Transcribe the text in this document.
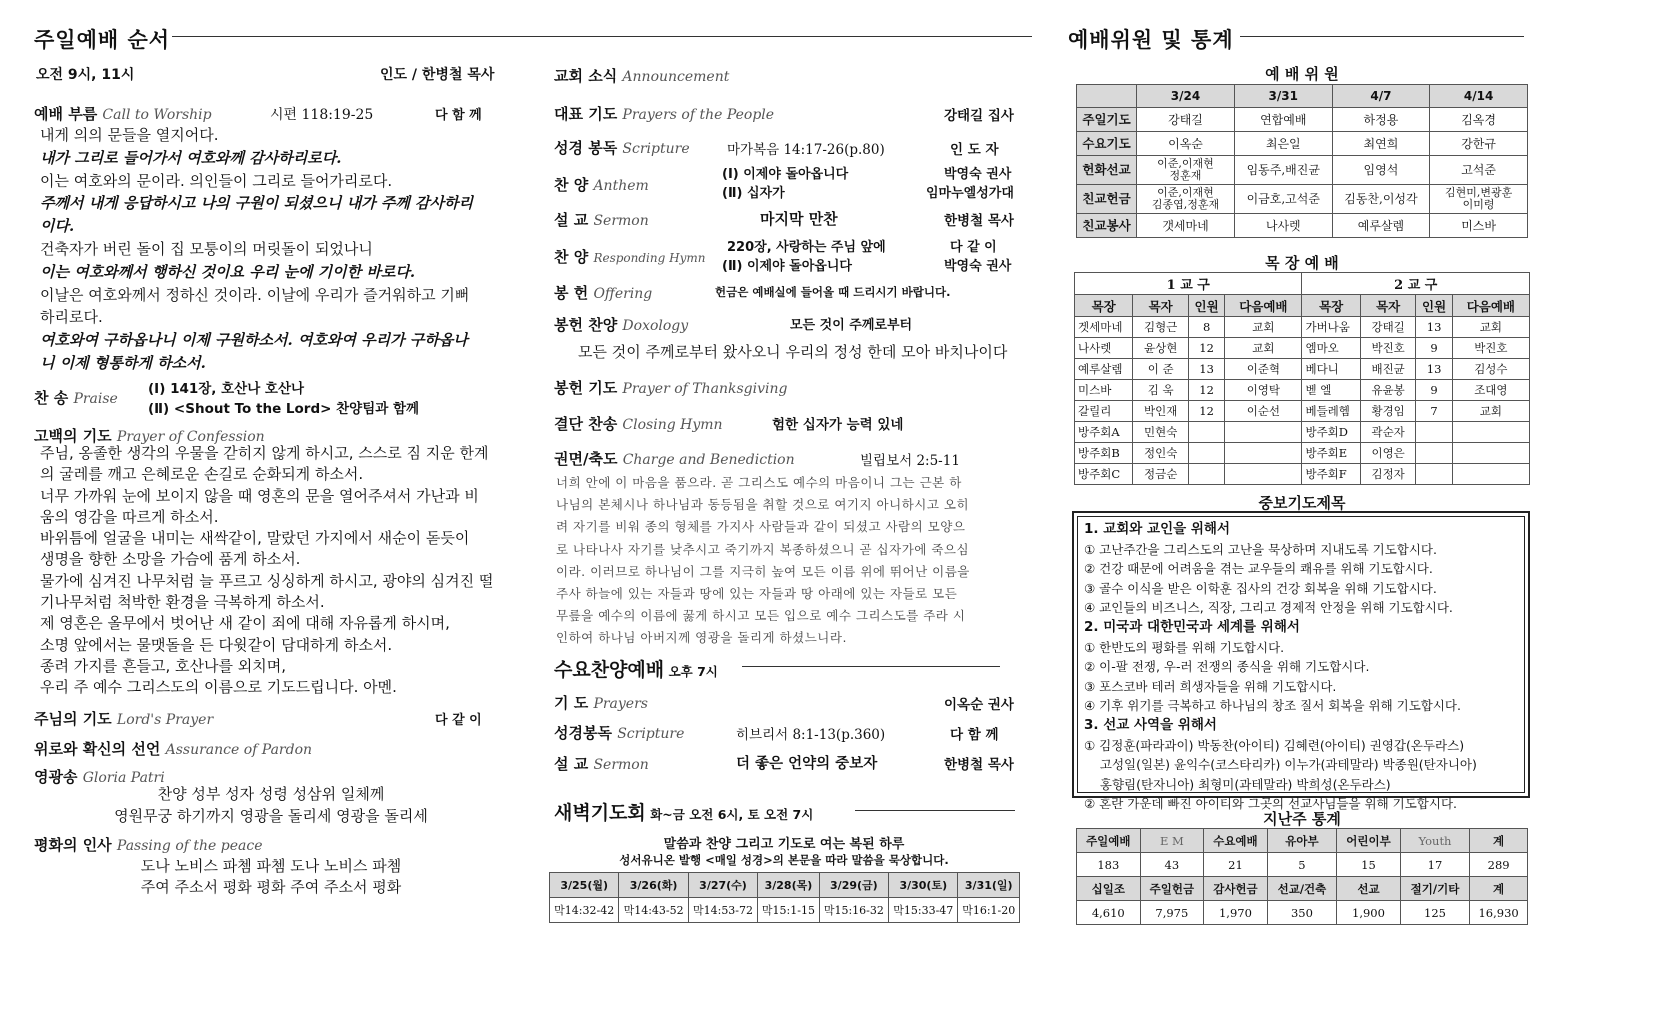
주일예배 순서
오전 9시, 11시	인도 / 한병철 목사
예배 부름 Call to Worship	시편 118:19-25	다 함 께
내게 의의 문들을 열지어다.
내가 그리로 들어가서 여호와께 감사하리로다.
이는 여호와의 문이라. 의인들이 그리로 들어가리로다.
주께서 내게 응답하시고 나의 구원이 되셨으니 내가 주께 감사하리
이다.
건축자가 버린 돌이 집 모퉁이의 머릿돌이 되었나니
이는 여호와께서 행하신 것이요 우리 눈에 기이한 바로다.
이날은 여호와께서 정하신 것이라. 이날에 우리가 즐거워하고 기뻐
하리로다.
여호와여 구하옵나니 이제 구원하소서. 여호와여 우리가 구하옵나
니 이제 형통하게 하소서.
찬 송 Praise
(Ⅰ) 141장, 호산나 호산나
(Ⅱ) <Shout To the Lord> 찬양팀과 함께
고백의 기도 Prayer of Confession
주님, 옹졸한 생각의 우물을 갇히지 않게 하시고, 스스로 짐 지운 한계
의 굴레를 깨고 은혜로운 손길로 순화되게 하소서.
너무 가까워 눈에 보이지 않을 때 영혼의 문을 열어주셔서 가난과 비
움의 영감을 따르게 하소서.
바위틈에 얼굴을 내미는 새싹같이, 말랐던 가지에서 새순이 돋듯이
생명을 향한 소망을 가슴에 품게 하소서.
물가에 심겨진 나무처럼 늘 푸르고 싱싱하게 하시고, 광야의 심겨진 떨
기나무처럼 척박한 환경을 극복하게 하소서.
제 영혼은 올무에서 벗어난 새 같이 죄에 대해 자유롭게 하시며,
소명 앞에서는 물맷돌을 든 다윗같이 담대하게 하소서.
종려 가지를 흔들고, 호산나를 외치며,
우리 주 예수 그리스도의 이름으로 기도드립니다. 아멘.
주님의 기도 Lord's Prayer	다 같 이
위로와 확신의 선언 Assurance of Pardon
영광송 Gloria Patri
찬양 성부 성자 성령 성삼위 일체께
영원무궁 하기까지 영광을 돌리세 영광을 돌리세
평화의 인사 Passing of the peace
도나 노비스 파쳄 파쳄 도나 노비스 파쳄
주여 주소서 평화 평화 주여 주소서 평화
교회 소식 Announcement
대표 기도 Prayers of the People	강태길 집사
성경 봉독 Scripture	마가복음 14:17-26(p.80)	인 도 자
찬 양 Anthem
(Ⅰ) 이제야 돌아옵니다	박영숙 권사
(Ⅱ) 십자가	임마누엘성가대
설 교 Sermon	마지막 만찬	한병철 목사
찬 양 Responding Hymn
220장, 사랑하는 주님 앞에	다 같 이
(Ⅱ) 이제야 돌아옵니다	박영숙 권사
봉 헌 Offering	헌금은 예배실에 들어올 때 드리시기 바랍니다.
봉헌 찬양 Doxology	모든 것이 주께로부터
모든 것이 주께로부터 왔사오니 우리의 정성 한데 모아 바치나이다
봉헌 기도 Prayer of Thanksgiving
결단 찬송 Closing Hymn	험한 십자가 능력 있네
권면/축도 Charge and Benediction	빌립보서 2:5-11
너희 안에 이 마음을 품으라. 곧 그리스도 예수의 마음이니 그는 근본 하
나님의 본체시나 하나님과 동등됨을 취할 것으로 여기지 아니하시고 오히
려 자기를 비워 종의 형체를 가지사 사람들과 같이 되셨고 사람의 모양으
로 나타나사 자기를 낮추시고 죽기까지 복종하셨으니 곧 십자가에 죽으심
이라. 이러므로 하나님이 그를 지극히 높여 모든 이름 위에 뛰어난 이름을
주사 하늘에 있는 자들과 땅에 있는 자들과 땅 아래에 있는 자들로 모든
무릎을 예수의 이름에 꿇게 하시고 모든 입으로 예수 그리스도를 주라 시
인하여 하나님 아버지께 영광을 돌리게 하셨느니라.
수요찬양예배 오후 7시
기 도 Prayers	이옥순 권사
성경봉독 Scripture	히브리서 8:1-13(p.360)	다 함 께
설 교 Sermon	더 좋은 언약의 중보자	한병철 목사
새벽기도회 화~금 오전 6시, 토 오전 7시
말씀과 찬양 그리고 기도로 여는 복된 하루
성서유니온 발행 <매일 성경>의 본문을 따라 말씀을 묵상합니다.
3/25(월)	3/26(화)	3/27(수)	3/28(목)	3/29(금)	3/30(토)	3/31(일)
막14:32-42	막14:43-52	막14:53-72	막15:1-15	막15:16-32	막15:33-47	막16:1-20
예배위원 및 통계
예 배 위 원
	3/24	3/31	4/7	4/14
주일기도	강태길	연합예배	하정용	김옥경
수요기도	이옥순	최은일	최연희	강한규
헌화선교	이준,이재현
정훈재	임동주,배진균	임영석	고석준
친교헌금	이준,이재현
김종엽,정훈재	이금호,고석준	김동찬,이성각	김현미,변광훈
이미령
친교봉사	갯세마네	나사렛	예루살렘	미스바
목 장 예 배
1 교 구				2 교 구			
목장	목자	인원	다음예배	목장	목자	인원	다음예배
겟세마네	김형근	8	교회	가버나움	강태길	13	교회
나사렛	윤상현	12	교회	엠마오	박진호	9	박진호
예루살렘	이 준	13	이준혁	베다니	배진균	13	김성수
미스바	김 욱	12	이영탁	벧 엘	유윤봉	9	조대영
갈릴리	박인재	12	이순선	베들레헴	황경임	7	교회
방주회A	민현숙			방주회D	곽순자		
방주회B	정인숙			방주회E	이영은		
방주회C	정금순			방주회F	김정자		
중보기도제목
1. 교회와 교인을 위해서
① 고난주간을 그리스도의 고난을 묵상하며 지내도록 기도합시다.
② 건강 때문에 어려움을 겪는 교우들의 쾌유를 위해 기도합시다.
③ 골수 이식을 받은 이학훈 집사의 건강 회복을 위해 기도합시다.
④ 교인들의 비즈니스, 직장, 그리고 경제적 안정을 위해 기도합시다.
2. 미국과 대한민국과 세계를 위해서
① 한반도의 평화를 위해 기도합시다.
② 이-팔 전쟁, 우-러 전쟁의 종식을 위해 기도합시다.
③ 포스코바 테러 희생자들을 위해 기도합시다.
④ 기후 위기를 극복하고 하나님의 창조 질서 회복을 위해 기도합시다.
3. 선교 사역을 위해서
① 김정훈(파라과이) 박동찬(아이티) 김혜련(아이티) 권영갑(온두라스)
고성일(일본) 윤익수(코스타리카) 이누가(과테말라) 박종원(탄자니아)
홍향림(탄자니아) 최형미(과테말라) 박희성(온두라스)
② 혼란 가운데 빠진 아이티와 그곳의 선교사님들을 위해 기도합시다.
지난주 통계
주일예배	E M	수요예배	유아부	어린이부	Youth	계
183	43	21	5	15	17	289
십일조	주일헌금	감사헌금	선교/건축	선교	절기/기타	계
4,610	7,975	1,970	350	1,900	125	16,930
